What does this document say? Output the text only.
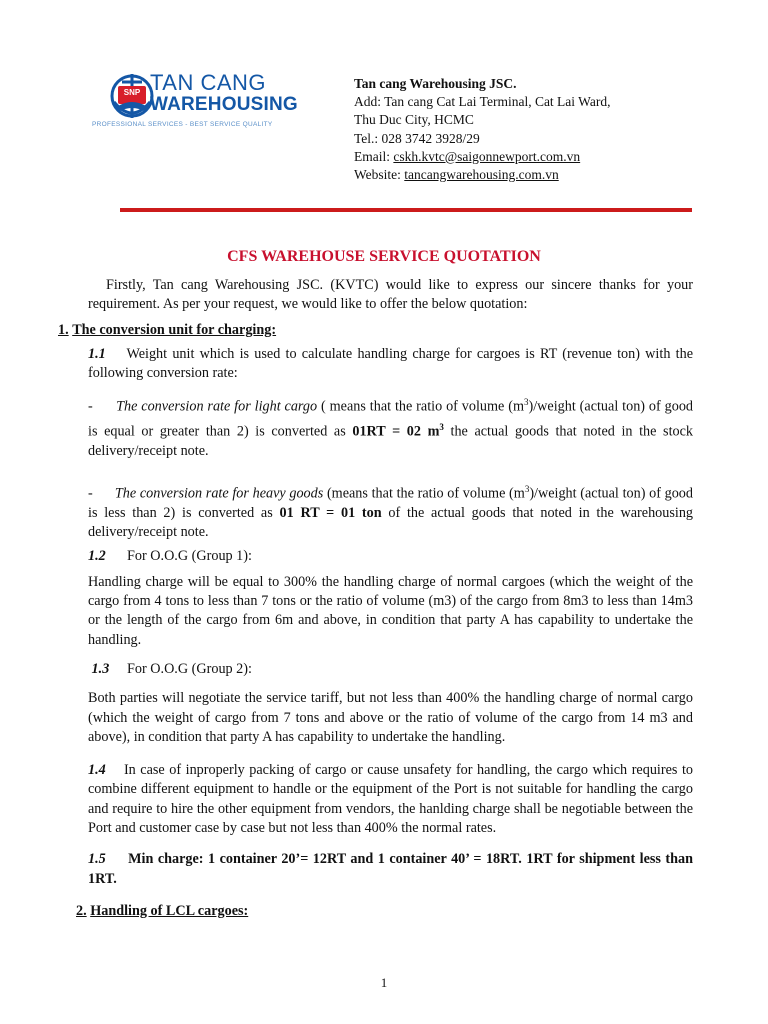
SNP TAN CANG
WAREHOUSING
PROFESSIONAL SERVICES - BEST SERVICE QUALITY
Tan cang Warehousing JSC.
Add: Tan cang Cat Lai Terminal, Cat Lai Ward,
Thu Duc City, HCMC
Tel.: 028 3742 3928/29
Email: cskh.kvtc@saigonnewport.com.vn
Website: tancangwarehousing.com.vn
CFS WAREHOUSE SERVICE QUOTATION

Firstly, Tan cang Warehousing JSC. (KVTC) would like to express our sincere thanks for your requirement. As per your request, we would like to offer the below quotation:

1. The conversion unit for charging:

1.1 Weight unit which is used to calculate handling charge for cargoes is RT (revenue ton) with the following conversion rate:

- The conversion rate for light cargo ( means that the ratio of volume $(m^3)$/weight (actual ton) of good is equal or greater than 2) is converted as 01RT = 02 $m^3$ the actual goods that noted in the stock delivery/receipt note.

- The conversion rate for heavy goods (means that the ratio of volume $(m^3)$/weight (actual ton) of good is less than 2) is converted as 01 RT = 01 ton of the actual goods that noted in the warehousing delivery/receipt note.

1.2 For O.O.G (Group 1):

Handling charge will be equal to 300% the handling charge of normal cargoes (which the weight of the cargo from 4 tons to less than 7 tons or the ratio of volume (m3) of the cargo from 8m3 to less than 14m3 or the length of the cargo from 6m and above, in condition that party A has capability to undertake the handling.

1.3 For O.O.G (Group 2):

Both parties will negotiate the service tariff, but not less than 400% the handling charge of normal cargo (which the weight of cargo from 7 tons and above or the ratio of volume of the cargo from 14 m3 and above), in condition that party A has capability to undertake the handling.

1.4 In case of inproperly packing of cargo or cause unsafety for handling, the cargo which requires to combine different equipment to handle or the equipment of the Port is not suitable for handling the cargo and require to hire the other equipment from vendors, the hanlding charge shall be negotiable between the Port and customer case by case but not less than 400% the normal rates.

1.5 Min charge: 1 container 20’= 12RT and 1 container 40’ = 18RT. 1RT for shipment less than 1RT.

2. Handling of LCL cargoes:

1
